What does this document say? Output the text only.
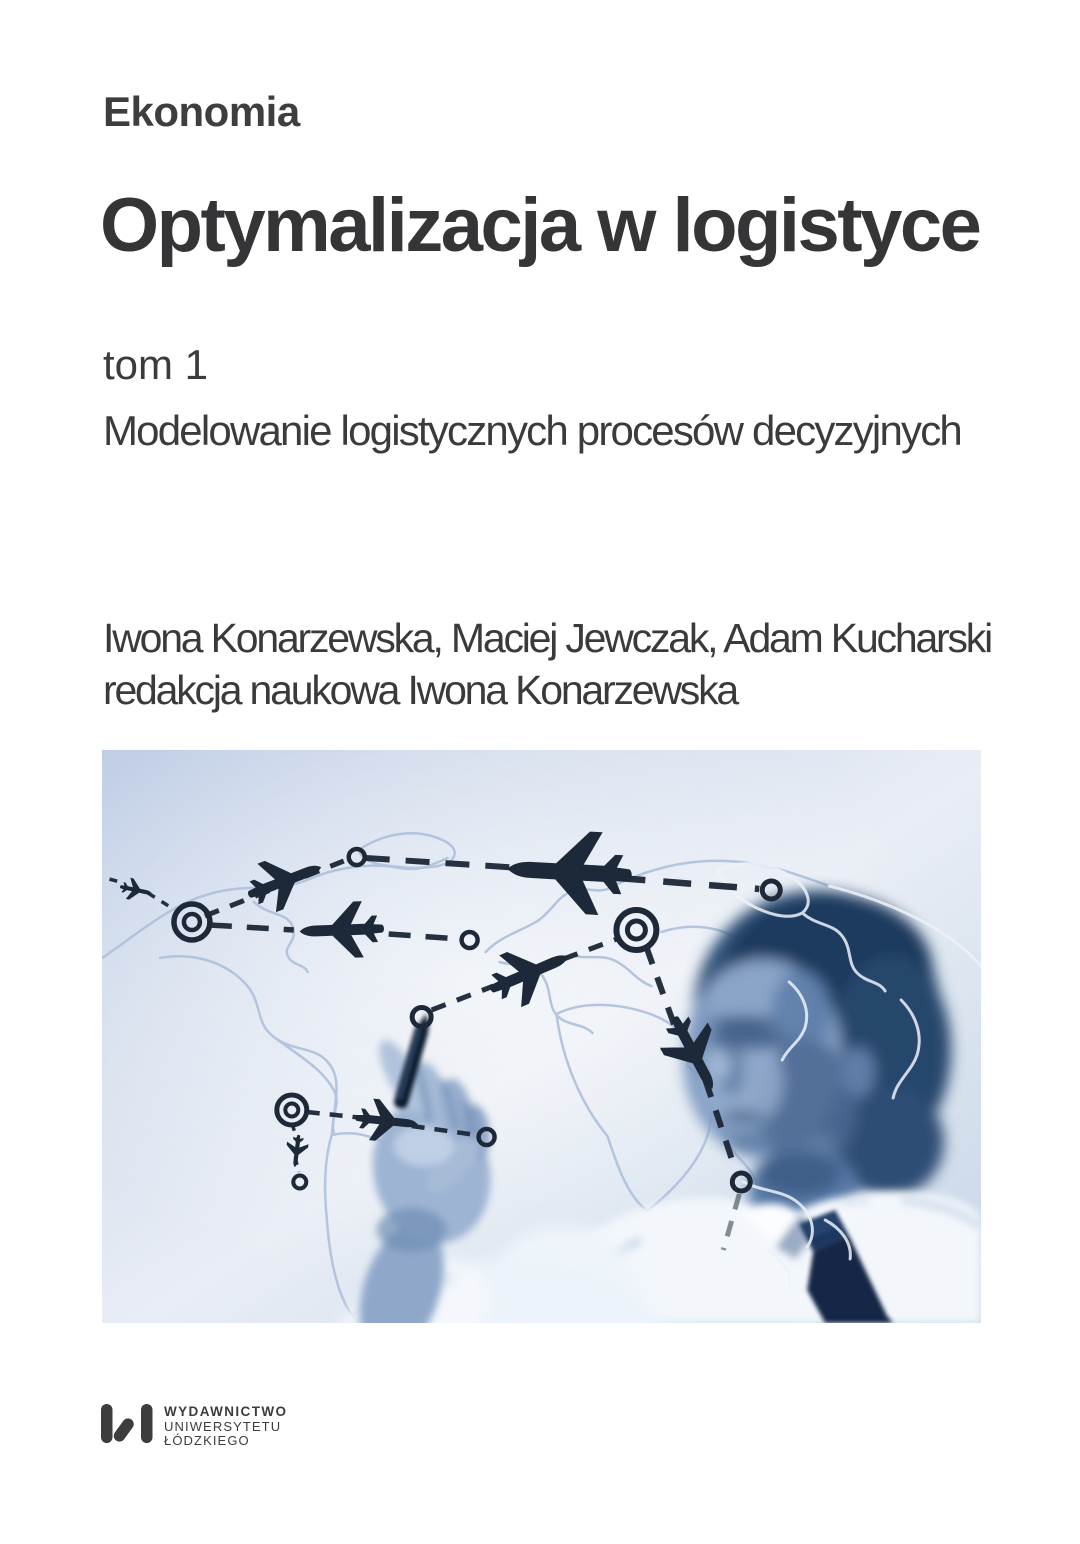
Ekonomia
Optymalizacja w logistyce
tom 1
Modelowanie logistycznych procesów decyzyjnych
Iwona Konarzewska, Maciej Jewczak, Adam Kucharski
redakcja naukowa Iwona Konarzewska
WYDAWNICTWO
UNIWERSYTETU
ŁÓDZKIEGO
